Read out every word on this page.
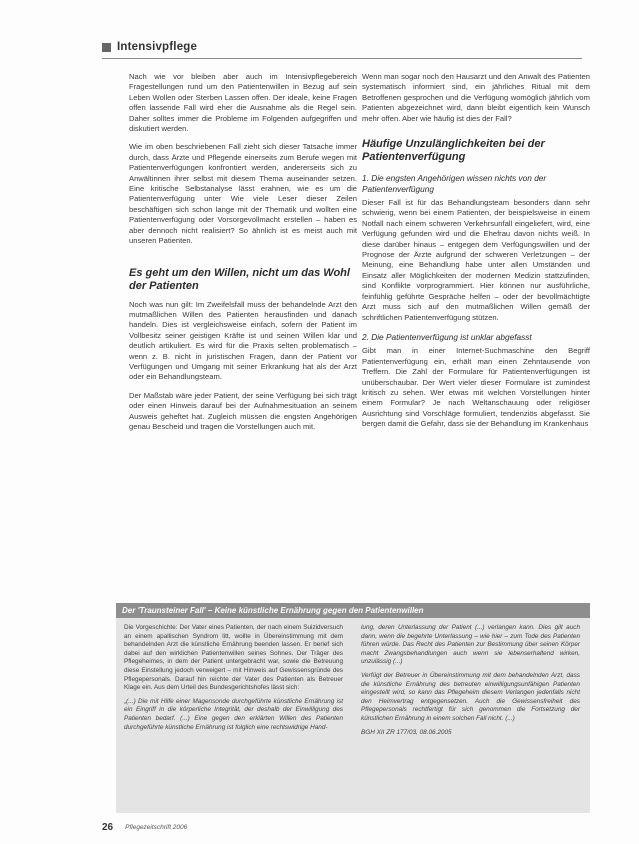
Intensivpflege

Nach wie vor bleiben aber auch im Intensivpflegebereich Fragestellungen rund um den Patientenwillen in Bezug auf sein Leben Wollen oder Sterben Lassen offen. Der ideale, keine Fragen offen lassende Fall wird eher die Ausnahme als die Regel sein. Daher solltes immer die Probleme im Folgenden aufgegriffen und diskutiert werden.

Wie im oben beschriebenen Fall zieht sich dieser Tatsache immer durch, dass Ärzte und Pflegende einerseits zum Berufe wegen mit Patientenverfügungen konfrontiert werden, andererseits sich zu Anwältinnen ihrer selbst mit diesem Thema auseinander setzen. Eine kritische Selbstanalyse lässt erahnen, wie es um die Patientenverfügung unter Wie viele Leser dieser Zeilen beschäftigen sich schon lange mit der Thematik und wollten eine Patientenverfügung oder Vorsorgevollmacht erstellen – haben es aber dennoch nicht realisiert? So ähnlich ist es meist auch mit unseren Patienten.

Es geht um den Willen, nicht um das Wohl der Patienten

Noch was nun gilt: Im Zweifelsfall muss der behandelnde Arzt den mutmaßlichen Willen des Patienten herausfinden und danach handeln. Dies ist vergleichsweise einfach, sofern der Patient im Vollbesitz seiner geistigen Kräfte ist und seinen Willen klar und deutlich artikuliert. Es wird für die Praxis selten problematisch – wenn z. B. nicht in juristischen Fragen, dann der Patient vor Verfügungen und Umgang mit seiner Erkrankung hat als der Arzt oder ein Behandlungsteam.

Der Maßstab wäre jeder Patient, der seine Verfügung bei sich trägt oder einen Hinweis darauf bei der Aufnahmesituation an seinem Ausweis geheftet hat. Zugleich müssen die engsten Angehörigen genau Bescheid und tragen die Vorstellungen auch mit.

Wenn man sogar noch den Hausarzt und den Anwalt des Patienten systematisch informiert sind, ein jährliches Ritual mit dem Betroffenen gesprochen und die Verfügung womöglich jährlich vom Patienten abgezeichnet wird, dann bleibt eigentlich kein Wunsch mehr offen. Aber wie häufig ist dies der Fall?

Häufige Unzulänglichkeiten bei der Patientenverfügung
1. Die engsten Angehörigen wissen nichts von der Patientenverfügung

Dieser Fall ist für das Behandlungsteam besonders dann sehr schwierig, wenn bei einem Patienten, der beispielsweise in einem Notfall nach einem schweren Verkehrsunfall eingeliefert, wird, eine Verfügung gefunden wird und die Ehefrau davon nichts weiß. In diese darüber hinaus – entgegen dem Verfügungswillen und der Prognose der Ärzte aufgrund der schweren Verletzungen – der Meinung, eine Behandlung habe unter allen Umständen und Einsatz aller Möglichkeiten der modernen Medizin stattzufinden, sind Konflikte vorprogrammiert. Hier können nur ausführliche, feinfühlig geführte Gespräche helfen – oder der bevollmächtigte Arzt muss sich auf den mutmaßlichen Willen gemäß der schriftlichen Patientenverfügung stützen.

2. Die Patientenverfügung ist unklar abgefasst

Gibt man in einer Internet-Suchmaschine den Begriff Patientenverfügung ein, erhält man einen Zehntausende von Treffern. Die Zahl der Formulare für Patientenverfügungen ist unüberschaubar. Der Wert vieler dieser Formulare ist zumindest kritisch zu sehen. Wer etwas mit welchen Vorstellungen hinter einem Formular? Je nach Weltanschauung oder religiöser Ausrichtung sind Vorschläge formuliert, tendenziös abgefasst. Sie bergen damit die Gefahr, dass sie der Behandlung im Krankenhaus

Der 'Traunsteiner Fall' – Keine künstliche Ernährung gegen den Patientenwillen

Die Vorgeschichte: Der Vater eines Patienten, der nach einem Suizidversuch an einem apallischen Syndrom litt, wollte in Übereinstimmung mit dem behandelnden Arzt die künstliche Ernährung beenden lassen. Er berief sich dabei auf den wirklichen Patientenwillen seines Sohnes. Der Träger des Pflegeheimes, in dem der Patient untergebracht war, sowie die Betreuung diese Einstellung jedoch verweigert – mit Hinweis auf Gewissensgründe des Pflegepersonals. Darauf hin reichte der Vater des Patienten als Betreuer Klage ein. Aus dem Urteil des Bundesgerichtshofes lässt sich:

„(...) Die mit Hilfe einer Magensonde durchgeführte künstliche Ernährung ist ein Eingriff in die körperliche Integrität, der deshalb der Einwilligung des Patienten bedarf. (...) Eine gegen den erklärten Willen des Patienten durchgeführte künstliche Ernährung ist folglich eine rechtswidrige Hand-

lung, deren Unterlassung der Patient (...) verlangen kann. Dies gilt auch dann, wenn die begehrte Unterlassung – wie hier – zum Tode des Patienten führen würde. Das Recht des Patienten zur Bestimmung über seinen Körper macht Zwangsbehandlungen auch wenn sie lebenserhaltend wirken, unzulässig (...)

Verfügt der Betreuer in Übereinstimmung mit dem behandelnden Arzt, dass die künstliche Ernährung des betreuten einwilligungsunfähigen Patienten eingestellt wird, so kann das Pflegeheim diesem Verlangen jedenfalls nicht den Heimvertrag entgegensetzen. Auch die Gewissensfreiheit des Pflegepersonals rechtfertigt für sich genommen die Fortsetzung der künstlichen Ernährung in einem solchen Fall nicht. (...)

BGH XII ZR 177/03, 08.06.2005

26 Pflegezeitschrift 2006
